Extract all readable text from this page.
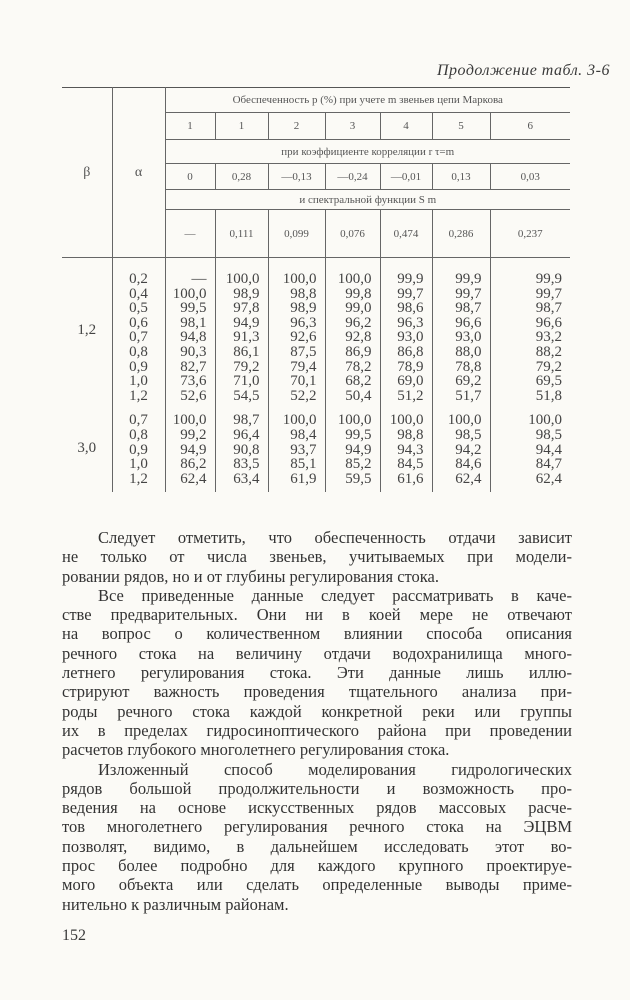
Продолжение табл. 3-6
β	α	Обеспеченность p (%) при учете m звеньев цепи Маркова						
		1	1	2	3	4	5	6
		при коэффициенте корреляции r τ=m						
		0	0,28	—0,13	—0,24	—0,01	0,13	0,03
		и спектральной функции S m						
		—	0,111	0,099	0,076	0,474	0,286	0,237
1,2	0,2	—	100,0	100,0	100,0	99,9	99,9	99,9
	0,4	100,0	98,9	98,8	99,8	99,7	99,7	99,7
	0,5	99,5	97,8	98,9	99,0	98,6	98,7	98,7
	0,6	98,1	94,9	96,3	96,2	96,3	96,6	96,6
	0,7	94,8	91,3	92,6	92,8	93,0	93,0	93,2
	0,8	90,3	86,1	87,5	86,9	86,8	88,0	88,2
	0,9	82,7	79,2	79,4	78,2	78,9	78,8	79,2
	1,0	73,6	71,0	70,1	68,2	69,0	69,2	69,5
	1,2	52,6	54,5	52,2	50,4	51,2	51,7	51,8
3,0	0,7	100,0	98,7	100,0	100,0	100,0	100,0	100,0
	0,8	99,2	96,4	98,4	99,5	98,8	98,5	98,5
	0,9	94,9	90,8	93,7	94,9	94,3	94,2	94,4
	1,0	86,2	83,5	85,1	85,2	84,5	84,6	84,7
	1,2	62,4	63,4	61,9	59,5	61,6	62,4	62,4
Следует отметить, что обеспеченность отдачи зависит
не только от числа звеньев, учитываемых при модели-
ровании рядов, но и от глубины регулирования стока.
Все приведенные данные следует рассматривать в каче-
стве предварительных. Они ни в коей мере не отвечают
на вопрос о количественном влиянии способа описания
речного стока на величину отдачи водохранилища много-
летнего регулирования стока. Эти данные лишь иллю-
стрируют важность проведения тщательного анализа при-
роды речного стока каждой конкретной реки или группы
их в пределах гидросиноптического района при проведении
расчетов глубокого многолетнего регулирования стока.
Изложенный способ моделирования гидрологических
рядов большой продолжительности и возможность про-
ведения на основе искусственных рядов массовых расче-
тов многолетнего регулирования речного стока на ЭЦВМ
позволят, видимо, в дальнейшем исследовать этот во-
прос более подробно для каждого крупного проектируе-
мого объекта или сделать определенные выводы приме-
нительно к различным районам.
152
